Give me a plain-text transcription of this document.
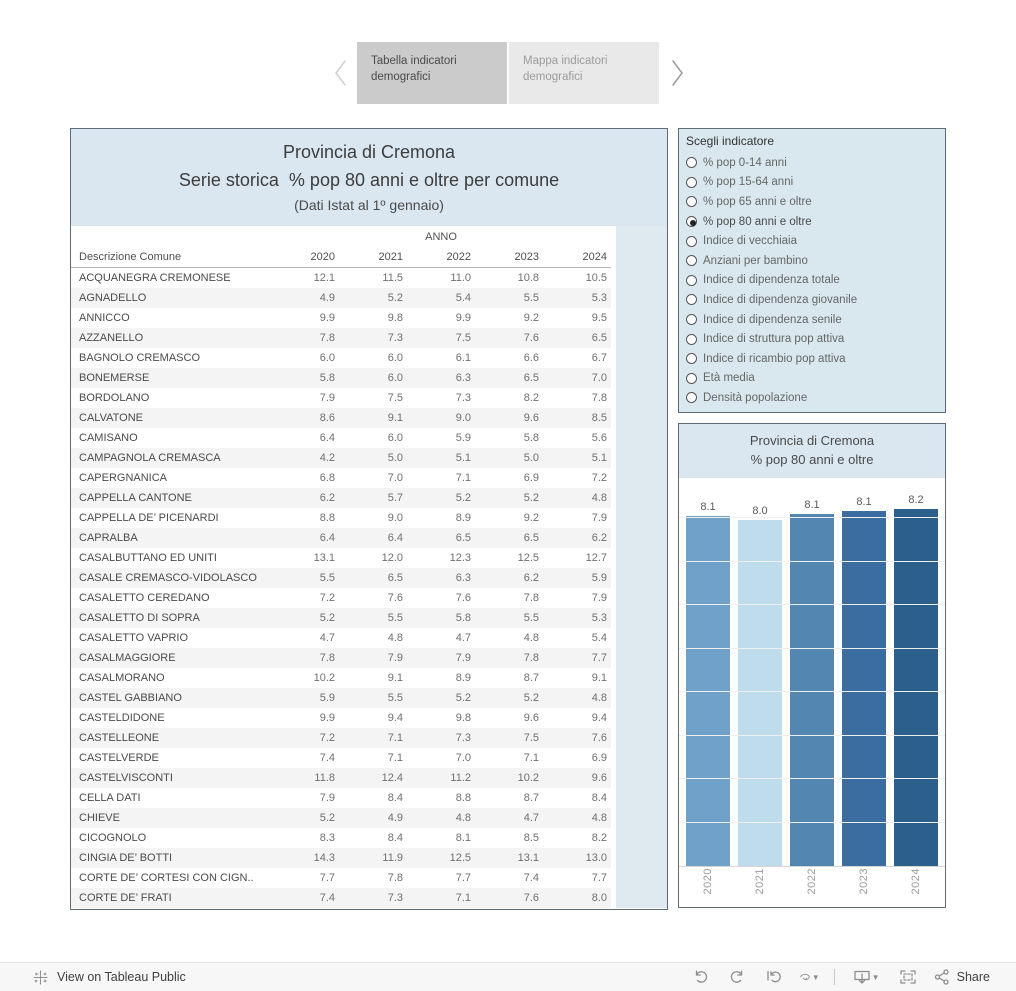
Tabella indicatori demografici
Mappa indicatori demografici
Provincia di Cremona
Serie storica  % pop 80 anni e oltre per comune
(Dati Istat al 1º gennaio)
ANNO
Descrizione Comune	2020	2021	2022	2023	2024
ACQUANEGRA CREMONESE	12.1	11.5	11.0	10.8	10.5
AGNADELLO	4.9	5.2	5.4	5.5	5.3
ANNICCO	9.9	9.8	9.9	9.2	9.5
AZZANELLO	7.8	7.3	7.5	7.6	6.5
BAGNOLO CREMASCO	6.0	6.0	6.1	6.6	6.7
BONEMERSE	5.8	6.0	6.3	6.5	7.0
BORDOLANO	7.9	7.5	7.3	8.2	7.8
CALVATONE	8.6	9.1	9.0	9.6	8.5
CAMISANO	6.4	6.0	5.9	5.8	5.6
CAMPAGNOLA CREMASCA	4.2	5.0	5.1	5.0	5.1
CAPERGNANICA	6.8	7.0	7.1	6.9	7.2
CAPPELLA CANTONE	6.2	5.7	5.2	5.2	4.8
CAPPELLA DE’ PICENARDI	8.8	9.0	8.9	9.2	7.9
CAPRALBA	6.4	6.4	6.5	6.5	6.2
CASALBUTTANO ED UNITI	13.1	12.0	12.3	12.5	12.7
CASALE CREMASCO-VIDOLASCO	5.5	6.5	6.3	6.2	5.9
CASALETTO CEREDANO	7.2	7.6	7.6	7.8	7.9
CASALETTO DI SOPRA	5.2	5.5	5.8	5.5	5.3
CASALETTO VAPRIO	4.7	4.8	4.7	4.8	5.4
CASALMAGGIORE	7.8	7.9	7.9	7.8	7.7
CASALMORANO	10.2	9.1	8.9	8.7	9.1
CASTEL GABBIANO	5.9	5.5	5.2	5.2	4.8
CASTELDIDONE	9.9	9.4	9.8	9.6	9.4
CASTELLEONE	7.2	7.1	7.3	7.5	7.6
CASTELVERDE	7.4	7.1	7.0	7.1	6.9
CASTELVISCONTI	11.8	12.4	11.2	10.2	9.6
CELLA DATI	7.9	8.4	8.8	8.7	8.4
CHIEVE	5.2	4.9	4.8	4.7	4.8
CICOGNOLO	8.3	8.4	8.1	8.5	8.2
CINGIA DE’ BOTTI	14.3	11.9	12.5	13.1	13.0
CORTE DE’ CORTESI CON CIGN..	7.7	7.8	7.7	7.4	7.7
CORTE DE’ FRATI	7.4	7.3	7.1	7.6	8.0
Scegli indicatore
% pop 0-14 anni
% pop 15-64 anni
% pop 65 anni e oltre
% pop 80 anni e oltre
Indice di vecchiaia
Anziani per bambino
Indice di dipendenza totale
Indice di dipendenza giovanile
Indice di dipendenza senile
Indice di struttura pop attiva
Indice di ricambio pop attiva
Età media
Densità popolazione
Provincia di Cremona
% pop 80 anni e oltre
8.1	8.0	8.1	8.1	8.2
2020	2021	2022	2023	2024
View on Tableau Public	▼	▼	Share
